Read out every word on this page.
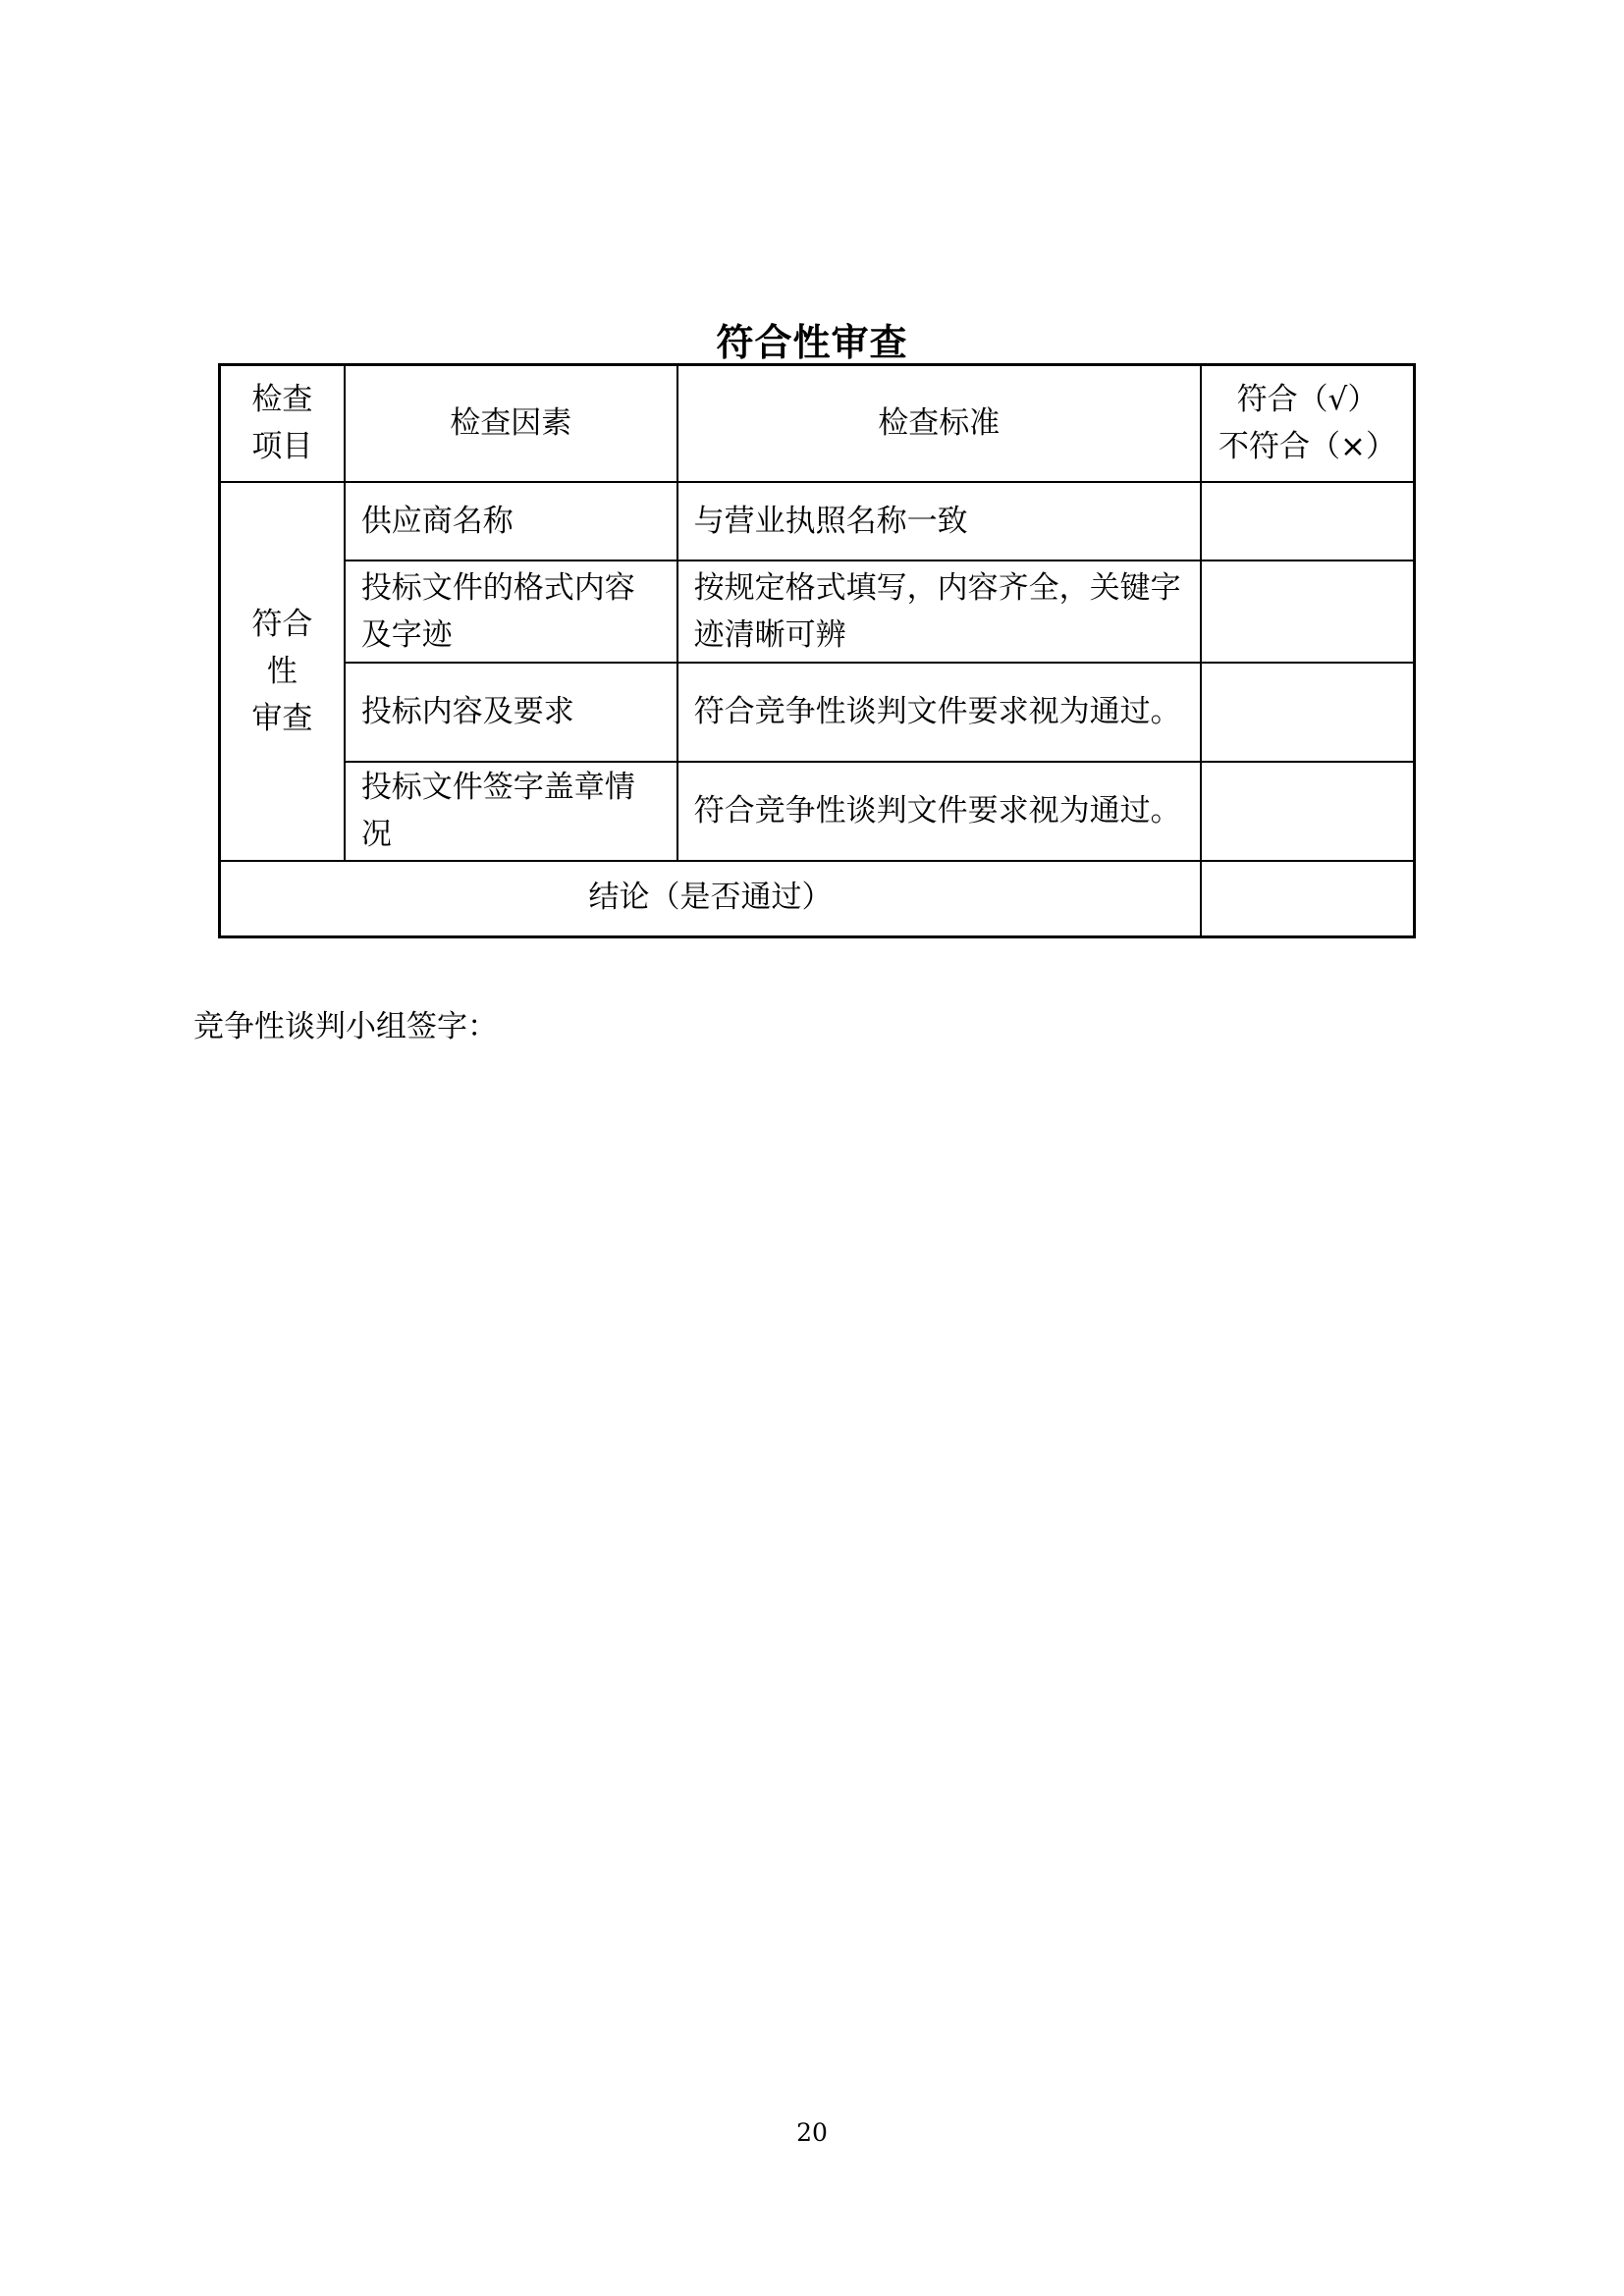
符合性审查
检查
项目	检查因素	检查标准	符合（√）
不符合（×）
符合
性
审查	供应商名称	与营业执照名称一致	
	投标文件的格式内容及字迹	按规定格式填写，内容齐全，关键字迹清晰可辨	
	投标内容及要求	符合竞争性谈判文件要求视为通过。	
	投标文件签字盖章情况	符合竞争性谈判文件要求视为通过。	
结论（是否通过）			
竞争性谈判小组签字：
20
